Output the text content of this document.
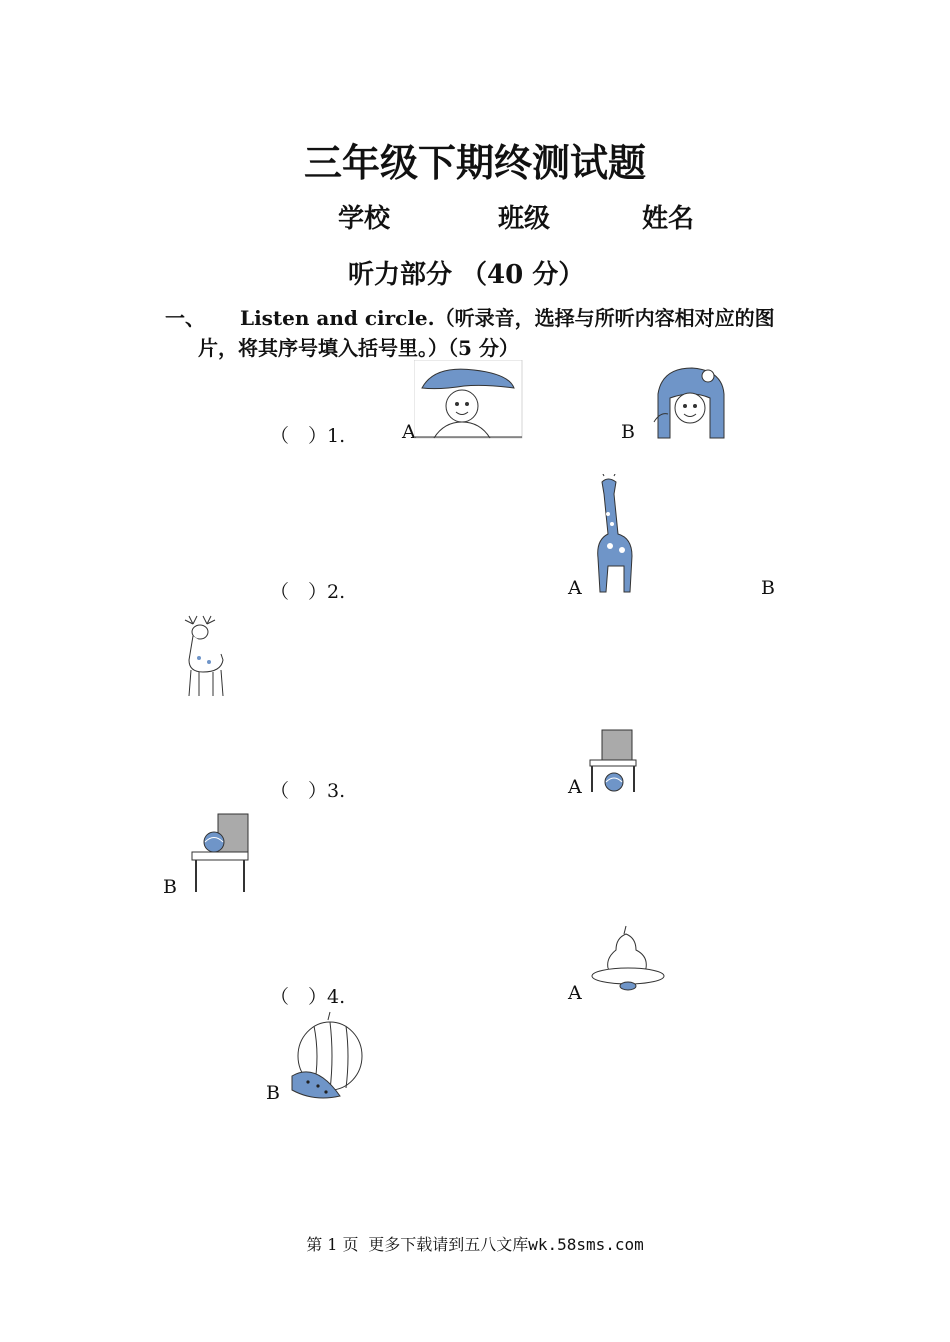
三年级下期终测试题
学校	班级	姓名
听力部分 （40 分）
一、 Listen and circle.（听录音，选择与所听内容相对应的图
片，将其序号填入括号里。）（5 分）
（　）1.	A	B
（　）2.	A	B
（　）3.	A
B
（　）4.	A
B
第 1 页 更多下载请到五八文库wk.58sms.com
